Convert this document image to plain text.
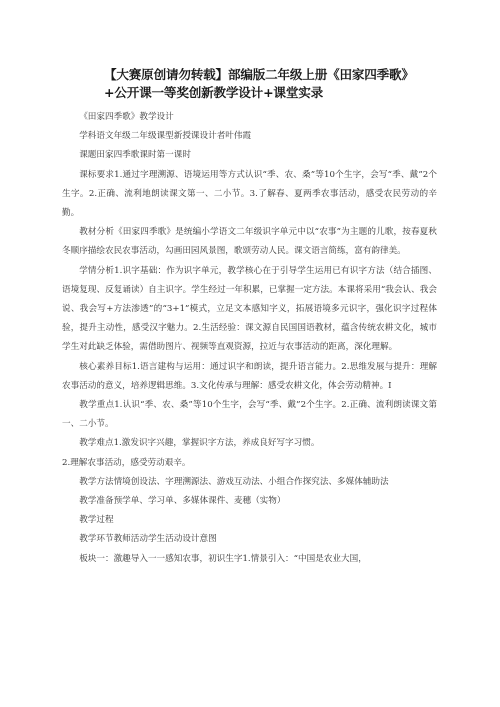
【大赛原创请勿转载】部编版二年级上册《田家四季歌》
+公开课一等奖创新教学设计+课堂实录

《田家四季歌》教学设计

学科语文年级二年级课型新授课设计者叶伟霞

课题田家四季歌课时第一课时

课标要求1.通过字理溯源、语境运用等方式认识“季、农、桑”等10个生字，会写“季、戴”2个生字。2.正确、流利地朗读课文第一、二小节。3.了解春、夏两季农事活动，感受农民劳动的辛勤。

教材分析《田家四季歌》是统编小学语文二年级识字单元中以“农事”为主题的儿歌，按春夏秋冬顺序描绘农民农事活动，勾画田园风景图，歌颂劳动人民。课文语言简练，富有韵律美。

学情分析1.识字基础：作为识字单元，教学核心在于引导学生运用已有识字方法（结合插图、语境复现、反复诵读）自主识字。学生经过一年积累，已掌握一定方法。本课将采用“我会认、我会说、我会写+方法渗透”的“3+1”模式，立足文本感知字义，拓展语境多元识字，强化识字过程体验，提升主动性，感受汉字魅力。2.生活经验：课文源自民国国语教材，蕴含传统农耕文化，城市学生对此缺乏体验，需借助图片、视频等直观资源，拉近与农事活动的距离，深化理解。

核心素养目标1.语言建构与运用：通过识字和朗读，提升语言能力。2.思维发展与提升：理解农事活动的意义，培养逻辑思维。3.文化传承与理解：感受农耕文化，体会劳动精神。I

教学重点1.认识“季、农、桑”等10个生字，会写“季、戴”2个生字。2.正确、流利朗读课文第一、二小节。

教学难点1.激发识字兴趣，掌握识字方法，养成良好写字习惯。

2.理解农事活动，感受劳动艰辛。

教学方法情境创设法、字理溯源法、游戏互动法、小组合作探究法、多媒体辅助法

教学准备预学单、学习单、多媒体课件、麦穗（实物）

教学过程

教学环节教师活动学生活动设计意图

板块一：激趣导入一一感知农事，初识生字1.情景引入：“中国是农业大国，
